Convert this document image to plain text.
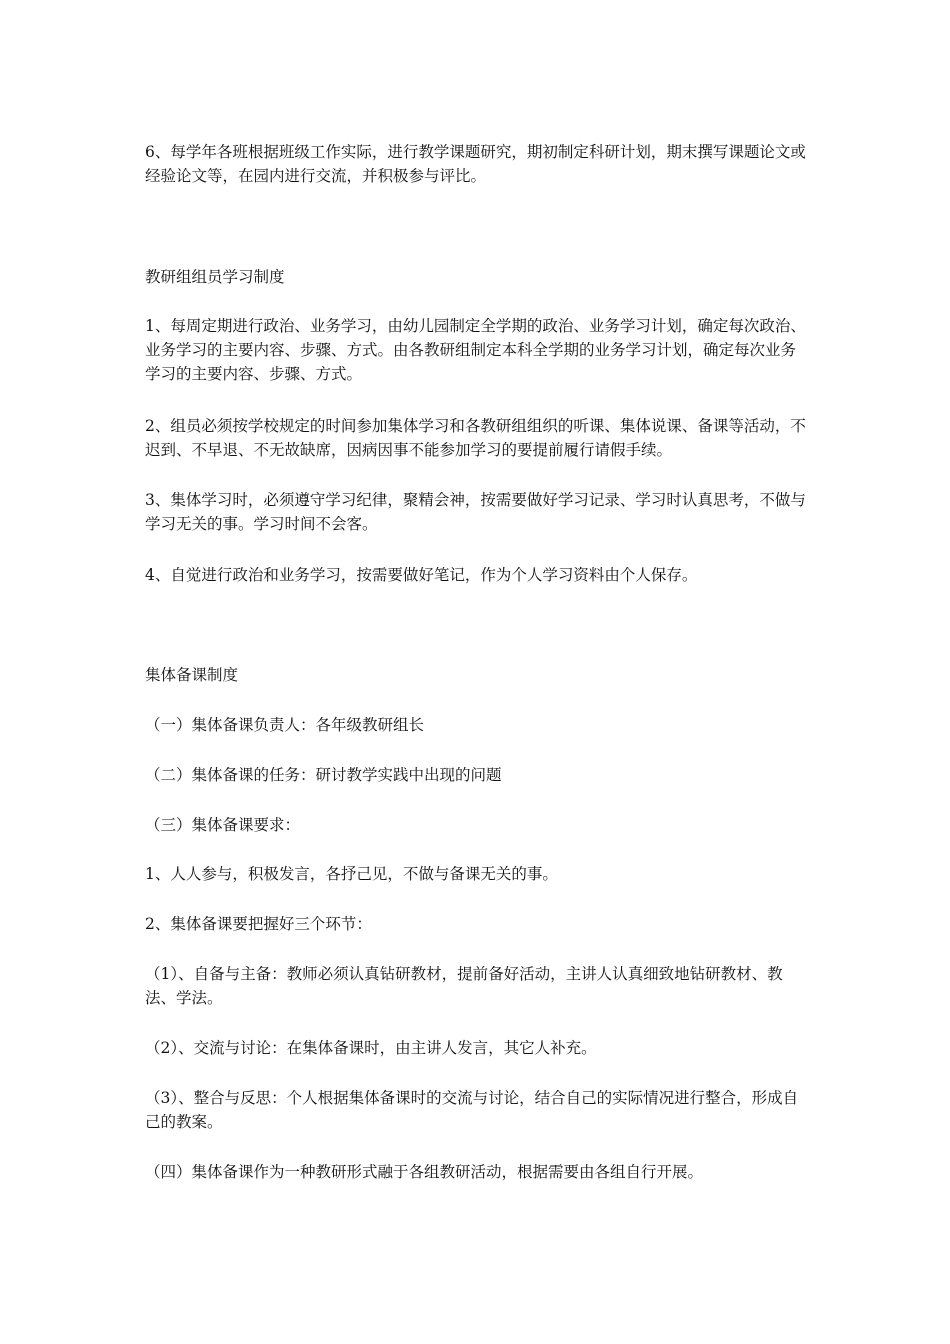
6、每学年各班根据班级工作实际，进行教学课题研究，期初制定科研计划，期末撰写课题论文或经验论文等，在园内进行交流，并积极参与评比。

教研组组员学习制度

1、每周定期进行政治、业务学习，由幼儿园制定全学期的政治、业务学习计划，确定每次政治、业务学习的主要内容、步骤、方式。由各教研组制定本科全学期的业务学习计划，确定每次业务学习的主要内容、步骤、方式。

2、组员必须按学校规定的时间参加集体学习和各教研组组织的听课、集体说课、备课等活动，不迟到、不早退、不无故缺席，因病因事不能参加学习的要提前履行请假手续。

3、集体学习时，必须遵守学习纪律，聚精会神，按需要做好学习记录、学习时认真思考，不做与学习无关的事。学习时间不会客。

4、自觉进行政治和业务学习，按需要做好笔记，作为个人学习资料由个人保存。

集体备课制度

（一）集体备课负责人：各年级教研组长

（二）集体备课的任务：研讨教学实践中出现的问题

（三）集体备课要求：

1、人人参与，积极发言，各抒己见，不做与备课无关的事。

2、集体备课要把握好三个环节：

（1）、自备与主备：教师必须认真钻研教材，提前备好活动，主讲人认真细致地钻研教材、教法、学法。

（2）、交流与讨论：在集体备课时，由主讲人发言，其它人补充。

（3）、整合与反思：个人根据集体备课时的交流与讨论，结合自己的实际情况进行整合，形成自己的教案。

（四）集体备课作为一种教研形式融于各组教研活动，根据需要由各组自行开展。
